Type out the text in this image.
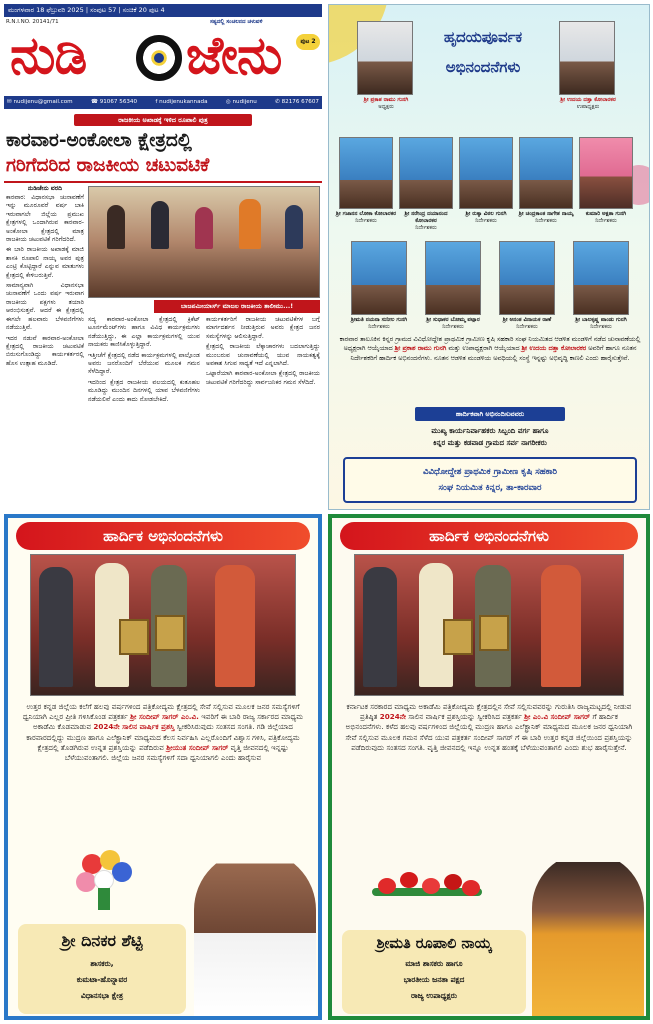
ಮಂಗಳವಾರ 18 ಫೆಬ್ರುವರಿ 2025 | ಸಂಪುಟ 57 | ಸಂಚಿಕೆ 20 ಪುಟ 4
R.N.I.NO. 20141/71	ಸತ್ಯದಲ್ಲಿ ಸಂಚಲನದ ಚಳುವಳಿ
ನುಡಿ ಜೇನು	ಪುಟ 2
✉ nudijenu@gmail.com	☎ 91067 56340	f nudijenukannada	◎ nudijenu	✆ 82176 67607
ರಾಜಕೀಯ ಅಖಾಡಕ್ಕೆ ಇಳಿದ ರೂಪಾಲಿ ಪುತ್ರ
ಕಾರವಾರ-ಅಂಕೋಲಾ ಕ್ಷೇತ್ರದಲ್ಲಿ
ಗರಿಗೆದರಿದ ರಾಜಕೀಯ ಚಟುವಟಿಕೆ
ನುಡಿಜೇನು ವರದಿ

ಕಾರವಾರ: ವಿಧಾನಸಭಾ ಚುನಾವಣೆಗೆ ಇನ್ನು ಮೂರೂವರೆ ವರ್ಷ ಬಾಕಿ ಇರುವಾಗಲೇ ಜಿಲ್ಲೆಯ ಪ್ರಮುಖ ಕ್ಷೇತ್ರಗಳಲ್ಲಿ ಒಂದಾಗಿರುವ ಕಾರವಾರ-ಅಂಕೋಲಾ ಕ್ಷೇತ್ರದಲ್ಲಿ ಮಾತ್ರ ರಾಜಕೀಯ ಚಟುವಟಿಕೆ ಗರಿಗೆದರಿದೆ.

ಈ ಬಾರಿ ರಾಜಕೀಯ ಅಖಾಡಕ್ಕೆ ಮಾಜಿ ಶಾಸಕಿ ರೂಪಾಲಿ ನಾಯ್ಕ ಅವರ ಪುತ್ರ ಎಂಟ್ರಿ ಕೊಟ್ಟಿದ್ದಾರೆ ಎನ್ನುವ ಮಾತುಗಳು ಕ್ಷೇತ್ರದಲ್ಲಿ ಕೇಳಿಬರುತ್ತಿವೆ.

ಸಾಮಾನ್ಯವಾಗಿ ವಿಧಾನಸಭಾ ಚುನಾವಣೆಗೆ ಒಂದು ವರ್ಷ ಇರುವಾಗ ರಾಜಕೀಯ ಪಕ್ಷಗಳು ತಯಾರಿ ಆರಂಭಿಸುತ್ತವೆ. ಆದರೆ ಈ ಕ್ಷೇತ್ರದಲ್ಲಿ ಈಗಲೇ ಹಲವಾರು ಬೆಳವಣಿಗೆಗಳು ನಡೆಯುತ್ತಿವೆ.

ಇದರ ನಡುವೆ ಕಾರವಾರ-ಅಂಕೋಲಾ ಕ್ಷೇತ್ರದಲ್ಲಿ ರಾಜಕೀಯ ಚಟುವಟಿಕೆ ಬಿರುಸುಗೊಂಡಿದ್ದು ಕಾರ್ಯಕರ್ತರಲ್ಲಿ ಹೊಸ ಉತ್ಸಾಹ ಮೂಡಿದೆ.

ಬಾಜಪಮೀಯಾರ್ಸ್ ಮಾಜಲ ರಾಜಕೀಯ ತಾಲೀಮು...!

ಸದ್ಯ ಕಾರವಾರ-ಅಂಕೋಲಾ ಕ್ಷೇತ್ರದಲ್ಲಿ ಕ್ರಿಕೆಟ್ ಟೂರ್ನಮೆಂಟ್‌ಗಳು ಹಾಗೂ ವಿವಿಧ ಕಾರ್ಯಕ್ರಮಗಳು ನಡೆಯುತ್ತಿದ್ದು, ಈ ಎಲ್ಲಾ ಕಾರ್ಯಕ್ರಮಗಳಲ್ಲಿ ಯುವ ನಾಯಕರು ಕಾಣಿಸಿಕೊಳ್ಳುತ್ತಿದ್ದಾರೆ.

ಇತ್ತೀಚೆಗೆ ಕ್ಷೇತ್ರದಲ್ಲಿ ನಡೆದ ಕಾರ್ಯಕ್ರಮಗಳಲ್ಲಿ ಪಾಲ್ಗೊಂಡ ಅವರು ಜನರೊಂದಿಗೆ ಬೆರೆಯುವ ಮೂಲಕ ಗಮನ ಸೆಳೆದಿದ್ದಾರೆ.

ಇದರಿಂದ ಕ್ಷೇತ್ರದ ರಾಜಕೀಯ ವಲಯದಲ್ಲಿ ಕುತೂಹಲ ಮೂಡಿದ್ದು ಮುಂದಿನ ದಿನಗಳಲ್ಲಿ ಯಾವ ಬೆಳವಣಿಗೆಗಳು ನಡೆಯಲಿವೆ ಎಂದು ಕಾದು ನೋಡಬೇಕಿದೆ.

ಕಾರ್ಯಕರ್ತರಿಗೆ ರಾಜಕೀಯ ಚಟುವಟಿಕೆಗಳ ಬಗ್ಗೆ ಮಾರ್ಗದರ್ಶನ ನೀಡುತ್ತಿರುವ ಅವರು ಕ್ಷೇತ್ರದ ಜನರ ಸಮಸ್ಯೆಗಳನ್ನು ಆಲಿಸುತ್ತಿದ್ದಾರೆ.

ಕ್ಷೇತ್ರದಲ್ಲಿ ರಾಜಕೀಯ ಲೆಕ್ಕಾಚಾರಗಳು ಬದಲಾಗುತ್ತಿದ್ದು ಮುಂಬರುವ ಚುನಾವಣೆಯಲ್ಲಿ ಯುವ ನಾಯಕತ್ವಕ್ಕೆ ಅವಕಾಶ ಸಿಗುವ ಸಾಧ್ಯತೆ ಇದೆ ಎನ್ನಲಾಗಿದೆ.

ಒಟ್ಟಾರೆಯಾಗಿ ಕಾರವಾರ-ಅಂಕೋಲಾ ಕ್ಷೇತ್ರದಲ್ಲಿ ರಾಜಕೀಯ ಚಟುವಟಿಕೆ ಗರಿಗೆದರಿದ್ದು ಸಾರ್ವಜನಿಕರ ಗಮನ ಸೆಳೆದಿದೆ.

ಹೃದಯಪೂರ್ವಕ
ಅಭಿನಂದನೆಗಳು
ಶ್ರೀ ಪ್ರಕಾಶ ರಾಮು ಗುನಗಿ
ಅಧ್ಯಕ್ಷರು
ಶ್ರೀ ಉದಯ ದತ್ತಾ ಕೋಲಾರಕರ
ಉಪಾಧ್ಯಕ್ಷರು
ಶ್ರೀ ಗಜಾನನ ಲೋಕಾ ಕೋಲಾರಕರ
ನಿರ್ದೇಶಕರು
ಶ್ರೀ ನರೇಂದ್ರ ದಯಾನಂದ ಕೋಲಾರಕರ
ನಿರ್ದೇಶಕರು
ಶ್ರೀ ರುಕ್ಕಾ ವಿಠಲ ಗುನಗಿ
ನಿರ್ದೇಶಕರು
ಶ್ರೀ ಚಂದ್ರಕಾಂತ ನಾಗೇಶ ನಾಯ್ಕ
ನಿರ್ದೇಶಕರು
ಕುಮಾರಿ ಅಕ್ಷತಾ ಗುನಗಿ
ನಿರ್ದೇಶಕರು
ಶ್ರೀಮತಿ ನಯನಾ ಸುನೀಲ ಗುನಗಿ
ನಿರ್ದೇಶಕರು
ಶ್ರೀ ಸುಧಾಕರ ಬೋಮ್ಮ ಪಟ್ಗಾರ
ನಿರ್ದೇಶಕರು
ಶ್ರೀ ಅನಂತ ವಿನಾಯಕ ರಾಣೆ
ನಿರ್ದೇಶಕರು
ಶ್ರೀ ಬಾಲಕೃಷ್ಣ ಪಾಂಡು ಗುನಗಿ
ನಿರ್ದೇಶಕರು
ಕಾರವಾರ ತಾಲೂಕಿನ ಕಿನ್ನರ ಗ್ರಾಮದ ವಿವಿಧೋದ್ದೇಶ ಪ್ರಾಥಮಿಕ ಗ್ರಾಮೀಣ ಕೃಷಿ ಸಹಕಾರಿ ಸಂಘ ನಿಯಮಿತದ ಆಡಳಿತ ಮಂಡಳಿಗೆ ನಡೆದ ಚುನಾವಣೆಯಲ್ಲಿ ಅಧ್ಯಕ್ಷರಾಗಿ ಆಯ್ಕೆಯಾದ ಶ್ರೀ ಪ್ರಕಾಶ ರಾಮು ಗುನಗಿ ಮತ್ತು ಉಪಾಧ್ಯಕ್ಷರಾಗಿ ಆಯ್ಕೆಯಾದ ಶ್ರೀ ಉದಯ ದತ್ತಾ ಕೋಲಾರಕರ ಅವರಿಗೆ ಹಾಗೂ ನೂತನ ನಿರ್ದೇಶಕರಿಗೆ ಹಾರ್ದಿಕ ಅಭಿನಂದನೆಗಳು. ನೂತನ ಆಡಳಿತ ಮಂಡಳಿಯ ಅವಧಿಯಲ್ಲಿ ಸಂಸ್ಥೆ ಇನ್ನಷ್ಟು ಅಭಿವೃದ್ಧಿ ಕಾಣಲಿ ಎಂದು ಹಾರೈಸುತ್ತೇವೆ.
ಹಾರ್ದಿಕವಾಗಿ ಅಭಿನಂದಿಸುವವರು
ಮುಖ್ಯ ಕಾರ್ಯನಿರ್ವಾಹಕರು ಸಿಬ್ಬಂದಿ ವರ್ಗ ಹಾಗೂ
ಕಿನ್ನರ ಮತ್ತು ಕಡವಾಡ ಗ್ರಾಮದ ಸರ್ವ ನಾಗರೀಕರು
ವಿವಿಧೋದ್ದೇಶ ಪ್ರಾಥಮಿಕ ಗ್ರಾಮೀಣ ಕೃಷಿ ಸಹಕಾರಿ
ಸಂಘ ನಿಯಮಿತ ಕಿನ್ನರ, ತಾ-ಕಾರವಾರ
ಹಾರ್ದಿಕ ಅಭಿನಂದನೆಗಳು
ಉತ್ತರ ಕನ್ನಡ ಜಿಲ್ಲೆಯ ಕಲೆಗೆ ಹಲವು ವರ್ಷಗಳಿಂದ ಪತ್ರಿಕೋದ್ಯಮ ಕ್ಷೇತ್ರದಲ್ಲಿ ಸೇವೆ ಸಲ್ಲಿಸುವ ಮೂಲಕ ಜನರ ಸಮಸ್ಯೆಗಳಿಗೆ ಧ್ವನಿಯಾಗಿ ಎಲ್ಲರ ಪ್ರೀತಿ ಗಳಿಸಿಕೊಂಡ ಪತ್ರಕರ್ತ ಶ್ರೀ ಸಂದೀಪ್ ಸಾಗರ್ ಎಂ.ವಿ. ಇವರಿಗೆ ಈ ಬಾರಿ ರಾಜ್ಯ ಸರ್ಕಾರದ ಮಾಧ್ಯಮ ಅಕಾಡೆಮಿ ಕೊಡಮಾಡುವ 2024ನೇ ಸಾಲಿನ ವಾರ್ಷಿಕ ಪ್ರಶಸ್ತಿ ಸ್ವೀಕರಿಸಿರುವುದು ಸಂತಸದ ಸಂಗತಿ. ಗಡಿ ಜಿಲ್ಲೆಯಾದ ಕಾರವಾರದಲ್ಲಿದ್ದು ಮುದ್ರಣ ಹಾಗೂ ಎಲೆಕ್ಟ್ರಾನಿಕ್ ಮಾಧ್ಯಮದ ಕೆಲಸ ನಿರ್ವಹಿಸಿ ಎಲ್ಲರೊಂದಿಗೆ ವಿಶ್ವಾಸ ಗಳಿಸಿ, ಪತ್ರಿಕೋದ್ಯಮ ಕ್ಷೇತ್ರದಲ್ಲಿ ತೊಡಗಿರುವ ಉನ್ನತ ಪ್ರಶಸ್ತಿಯನ್ನು ಪಡೆದಿರುವ ಶ್ರೀಯುತ ಸಂದೀಪ್ ಸಾಗರ್ ವೃತ್ತಿ ಜೀವನದಲ್ಲಿ ಇನ್ನಷ್ಟು ಬೆಳೆಯುವಂತಾಗಲಿ. ಜಿಲ್ಲೆಯ ಜನರ ಸಮಸ್ಯೆಗಳಿಗೆ ಸದಾ ಧ್ವನಿಯಾಗಲಿ ಎಂದು ಹಾರೈಸುವ
ಶ್ರೀ ದಿನಕರ ಶೆಟ್ಟಿ
ಶಾಸಕರು,
ಕುಮಟಾ-ಹೊನ್ನಾವರ
ವಿಧಾನಸಭಾ ಕ್ಷೇತ್ರ
ಹಾರ್ದಿಕ ಅಭಿನಂದನೆಗಳು
ಕರ್ನಾಟಕ ಸರಕಾರದ ಮಾಧ್ಯಮ ಅಕಾಡೆಮಿ ಪತ್ರಿಕೋದ್ಯಮ ಕ್ಷೇತ್ರದಲ್ಲಿನ ಸೇವೆ ಸಲ್ಲಿಸುವವರನ್ನು ಗುರುತಿಸಿ ರಾಜ್ಯಮಟ್ಟದಲ್ಲಿ ನೀಡುವ ಪ್ರತಿಷ್ಠಿತ 2024ನೇ ಸಾಲಿನ ವಾರ್ಷಿಕ ಪ್ರಶಸ್ತಿಯನ್ನು ಸ್ವೀಕರಿಸಿದ ಪತ್ರಕರ್ತ ಶ್ರೀ ಎಂ.ವಿ ಸಂದೀಪ್ ಸಾಗರ್ ಗೆ ಹಾರ್ದಿಕ ಅಭಿನಂದನೆಗಳು. ಕಳೆದ ಹಲವು ವರ್ಷಗಳಿಂದ ಜಿಲ್ಲೆಯಲ್ಲಿ ಮುದ್ರಣ ಹಾಗೂ ಎಲೆಕ್ಟ್ರಾನಿಕ್ ಮಾಧ್ಯಮದ ಮೂಲಕ ಜನರ ಧ್ವನಿಯಾಗಿ ಸೇವೆ ಸಲ್ಲಿಸುವ ಮೂಲಕ ಗಮನ ಸೆಳೆದ ಯುವ ಪತ್ರಕರ್ತ ಸಂದೀಪ್ ಸಾಗರ್ ಗೆ ಈ ಬಾರಿ ಉತ್ತರ ಕನ್ನಡ ಜಿಲ್ಲೆಯಿಂದ ಪ್ರಶಸ್ತಿಯನ್ನು ಪಡೆದಿರುವುದು ಸಂತಸದ ಸಂಗತಿ. ವೃತ್ತಿ ಜೀವನದಲ್ಲಿ ಇನ್ನೂ ಉನ್ನತ ಹಂತಕ್ಕೆ ಬೆಳೆಯುವಂತಾಗಲಿ ಎಂದು ಶುಭ ಹಾರೈಸುತ್ತೇನೆ.
ಶ್ರೀಮತಿ ರೂಪಾಲಿ ನಾಯ್ಕ
ಮಾಜಿ ಶಾಸಕರು ಹಾಗೂ
ಭಾರತೀಯ ಜನತಾ ಪಕ್ಷದ
ರಾಜ್ಯ ಉಪಾಧ್ಯಕ್ಷರು
